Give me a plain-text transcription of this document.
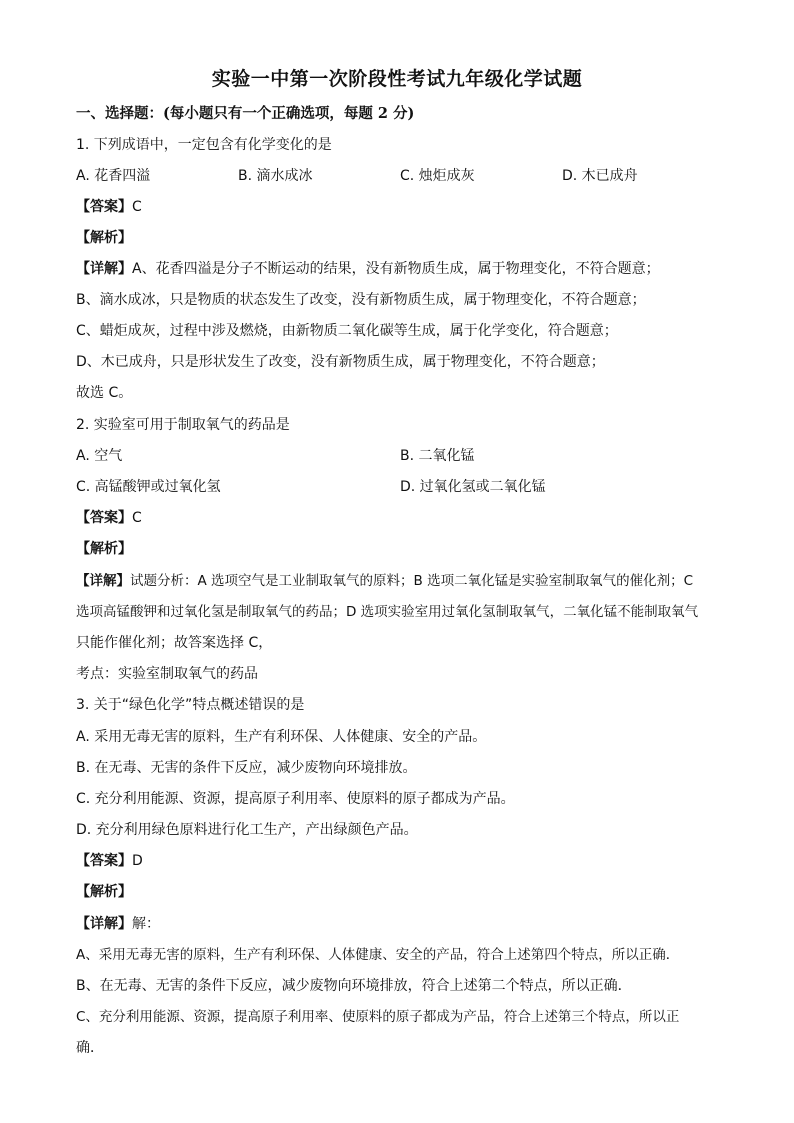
实验一中第一次阶段性考试九年级化学试题
一、选择题：(每小题只有一个正确选项，每题 2 分)
1. 下列成语中，一定包含有化学变化的是
A. 花香四溢	B. 滴水成冰	C. 烛炬成灰	D. 木已成舟
【答案】C
【解析】
【详解】A、花香四溢是分子不断运动的结果，没有新物质生成，属于物理变化，不符合题意；
B、滴水成冰，只是物质的状态发生了改变，没有新物质生成，属于物理变化，不符合题意；
C、蜡炬成灰，过程中涉及燃烧，由新物质二氧化碳等生成，属于化学变化，符合题意；
D、木已成舟，只是形状发生了改变，没有新物质生成，属于物理变化，不符合题意；
故选 C。
2. 实验室可用于制取氧气的药品是
A. 空气	B. 二氧化锰
C. 高锰酸钾或过氧化氢	D. 过氧化氢或二氧化锰
【答案】C
【解析】
【详解】试题分析：A 选项空气是工业制取氧气的原料；B 选项二氧化锰是实验室制取氧气的催化剂；C
选项高锰酸钾和过氧化氢是制取氧气的药品；D 选项实验室用过氧化氢制取氧气，二氧化锰不能制取氧气
只能作催化剂；故答案选择 C，
考点：实验室制取氧气的药品
3. 关于“绿色化学”特点概述错误的是
A. 采用无毒无害的原料，生产有利环保、人体健康、安全的产品。
B. 在无毒、无害的条件下反应，减少废物向环境排放。
C. 充分利用能源、资源，提高原子利用率、使原料的原子都成为产品。
D. 充分利用绿色原料进行化工生产，产出绿颜色产品。
【答案】D
【解析】
【详解】解：
A、采用无毒无害的原料，生产有利环保、人体健康、安全的产品，符合上述第四个特点，所以正确．
B、在无毒、无害的条件下反应，减少废物向环境排放，符合上述第二个特点，所以正确．
C、充分利用能源、资源，提高原子利用率、使原料的原子都成为产品，符合上述第三个特点，所以正
确．
